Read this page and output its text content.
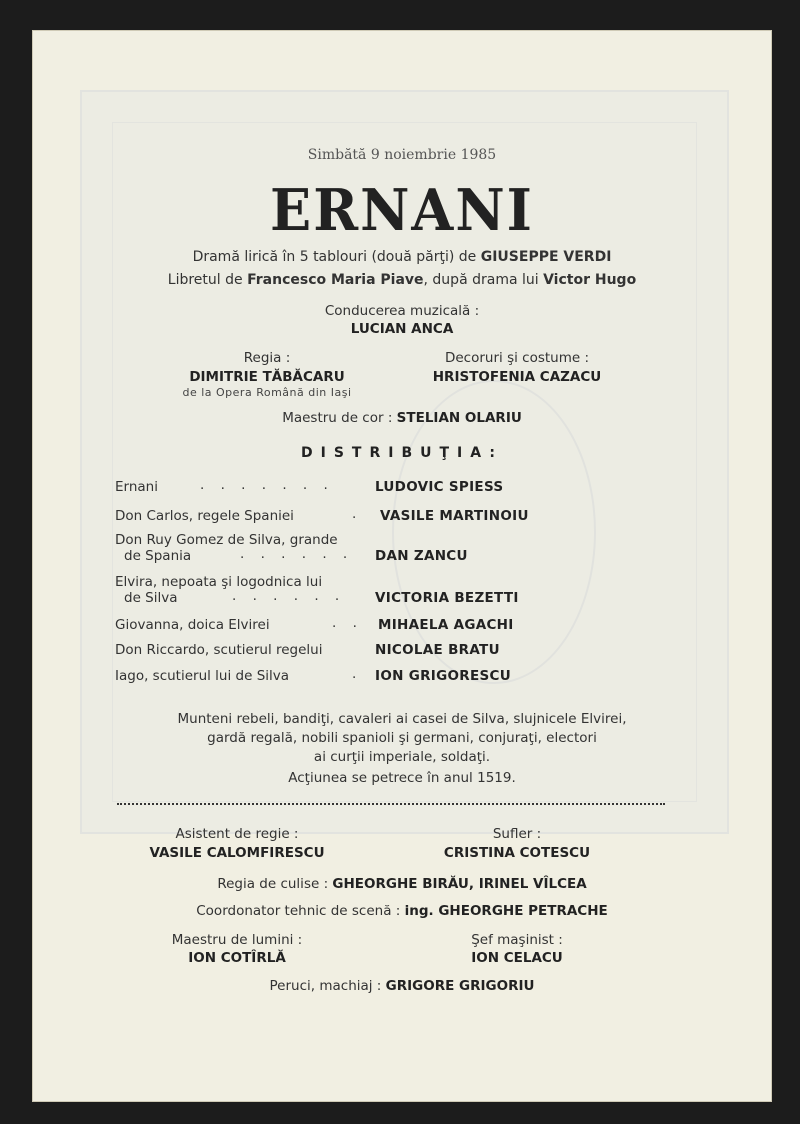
Simbătă 9 noiembrie 1985
ERNANI
Dramă lirică în 5 tablouri (două părţi) de GIUSEPPE VERDI
Libretul de Francesco Maria Piave, după drama lui Victor Hugo
Conducerea muzicală :
LUCIAN ANCA
Regia :
DIMITRIE TĂBĂCARU
de la Opera Română din Iaşi
Decoruri şi costume :
HRISTOFENIA CAZACU
Maestru de cor : STELIAN OLARIU
DISTRIBUŢIA:
Ernani	. . . . . . .	LUDOVIC SPIESS
Don Carlos, regele Spaniei	. VASILE MARTINOIU
Don Ruy Gomez de Silva, grande
de Spania	. . . . . . DAN ZANCU
Elvira, nepoata şi logodnica lui
de Silva	. . . . . . VICTORIA BEZETTI
Giovanna, doica Elvirei	. . MIHAELA AGACHI
Don Riccardo, scutierul regelui	NICOLAE BRATU
Iago, scutierul lui de Silva	. ION GRIGORESCU
Munteni rebeli, bandiţi, cavaleri ai casei de Silva, slujnicele Elvirei,
gardă regală, nobili spanioli şi germani, conjuraţi, electori
ai curţii imperiale, soldaţi.
Acţiunea se petrece în anul 1519.
Asistent de regie :
VASILE CALOMFIRESCU
Sufler :
CRISTINA COTESCU
Regia de culise : GHEORGHE BIRĂU, IRINEL VÎLCEA
Coordonator tehnic de scenă : ing. GHEORGHE PETRACHE
Maestru de lumini :
ION COTÎRLĂ
Şef maşinist :
ION CELACU
Peruci, machiaj : GRIGORE GRIGORIU
